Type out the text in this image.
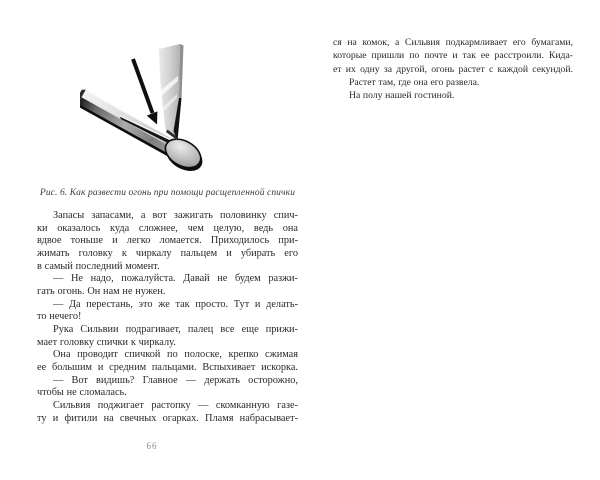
Рис. 6. Как развести огонь при помощи расщепленной спички
Запасы запасами, а вот зажигать половинку спич-
ки оказалось куда сложнее, чем целую, ведь она
вдвое тоньше и легко ломается. Приходилось при-
жимать головку к чиркалу пальцем и убирать его
в самый последний момент.
— Не надо, пожалуйста. Давай не будем разжи-
гать огонь. Он нам не нужен.
— Да перестань, это же так просто. Тут и делать-
то нечего!
Рука Сильвии подрагивает, палец все еще прижи-
мает головку спички к чиркалу.
Она проводит спичкой по полоске, крепко сжимая
ее большим и средним пальцами. Вспыхивает искорка.
— Вот видишь? Главное — держать осторожно,
чтобы не сломалась.
Сильвия поджигает растопку — скомканную газе-
ту и фитили на свечных огарках. Пламя набрасывает-
66
ся на комок, а Сильвия подкармливает его бумагами,
которые пришли по почте и так ее расстроили. Кида-
ет их одну за другой, огонь растет с каждой секундой.
Растет там, где она его развела.
На полу нашей гостиной.
